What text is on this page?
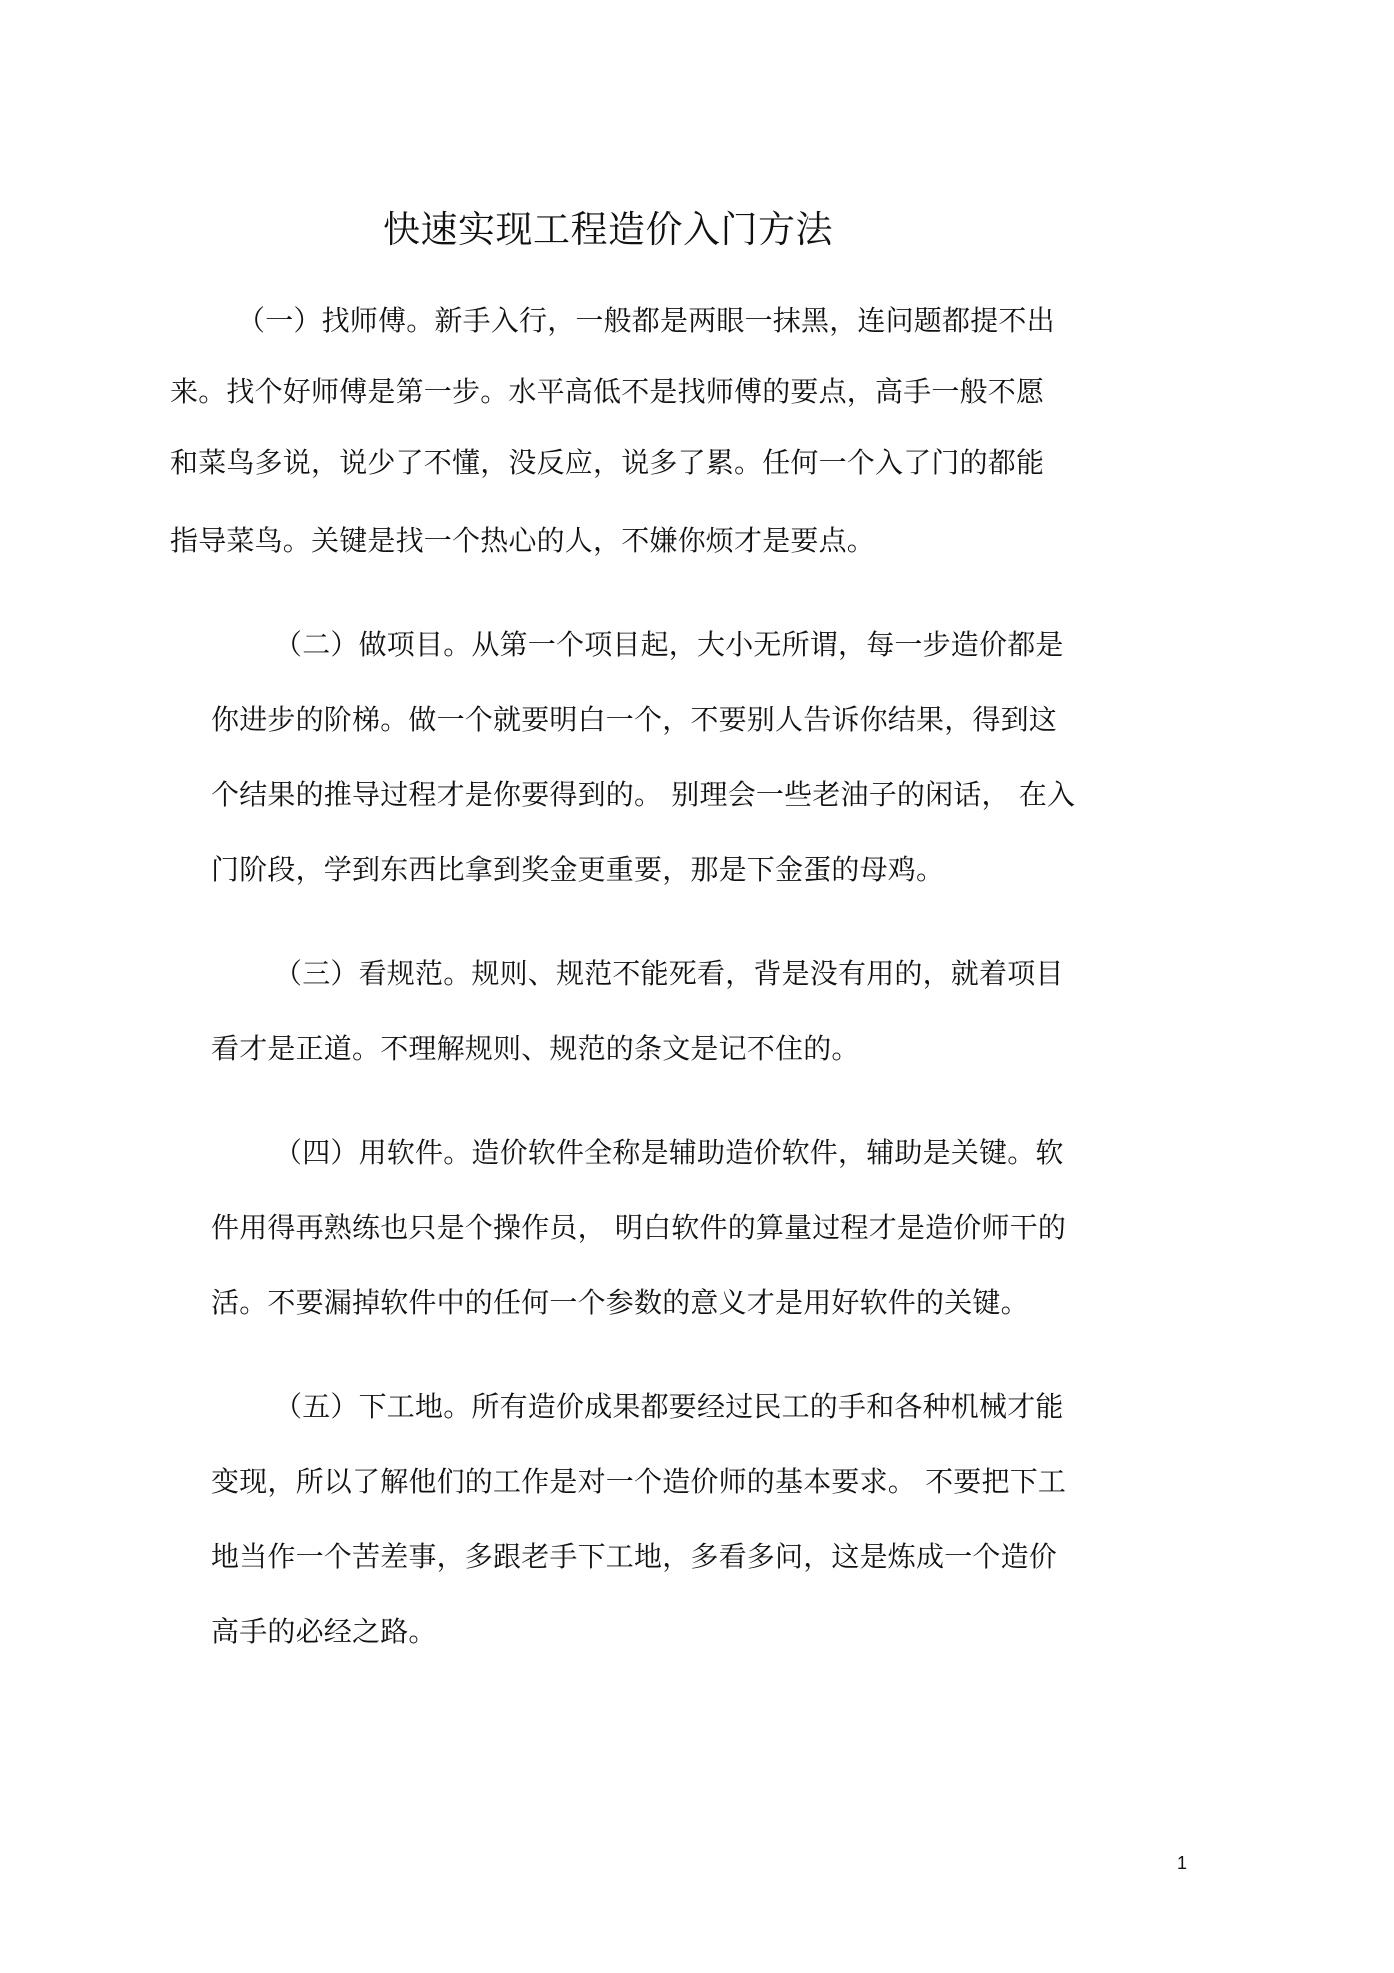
快速实现工程造价入门方法
（一）找师傅。新手入行，一般都是两眼一抹黑，连问题都提不出
来。找个好师傅是第一步。水平高低不是找师傅的要点，高手一般不愿
和菜鸟多说，说少了不懂，没反应，说多了累。任何一个入了门的都能
指导菜鸟。关键是找一个热心的人，不嫌你烦才是要点。
（二）做项目。从第一个项目起，大小无所谓，每一步造价都是
你进步的阶梯。做一个就要明白一个，不要别人告诉你结果，得到这
个结果的推导过程才是你要得到的。 别理会一些老油子的闲话， 在入
门阶段，学到东西比拿到奖金更重要，那是下金蛋的母鸡。
（三）看规范。规则、规范不能死看，背是没有用的，就着项目
看才是正道。不理解规则、规范的条文是记不住的。
（四）用软件。造价软件全称是辅助造价软件，辅助是关键。软
件用得再熟练也只是个操作员， 明白软件的算量过程才是造价师干的
活。不要漏掉软件中的任何一个参数的意义才是用好软件的关键。
（五）下工地。所有造价成果都要经过民工的手和各种机械才能
变现，所以了解他们的工作是对一个造价师的基本要求。 不要把下工
地当作一个苦差事，多跟老手下工地，多看多问，这是炼成一个造价
高手的必经之路。
1
